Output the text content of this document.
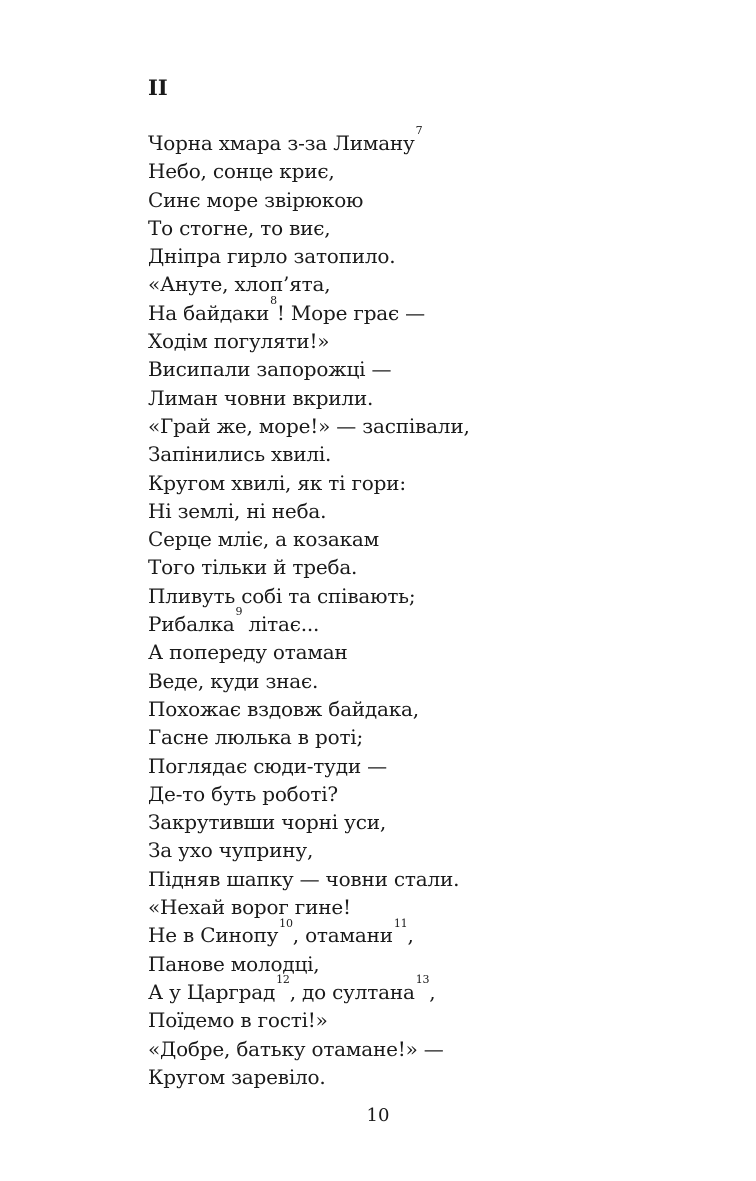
II
Чорна хмара з-за Лиману$^7$
Небо, сонце криє,
Синє море звірюкою
То стогне, то виє,
Дніпра гирло затопило.
«Ануте, хлоп’ята,
На байдаки$^8$! Море грає —
Ходім погуляти!»
Висипали запорожці —
Лиман човни вкрили.
«Грай же, море!» — заспівали,
Запінились хвилі.
Кругом хвилі, як ті гори:
Ні землі, ні неба.
Серце мліє, а козакам
Того тільки й треба.
Пливуть собі та співають;
Рибалка$^9$ літає...
А попереду отаман
Веде, куди знає.
Похожає вздовж байдака,
Гасне люлька в роті;
Поглядає сюди-туди —
Де-то буть роботі?
Закрутивши чорні уси,
За ухо чуприну,
Підняв шапку — човни стали.
«Нехай ворог гине!
Не в Синопу$^{10}$, отамани$^{11}$,
Панове молодці,
А у Царград$^{12}$, до султана$^{13}$,
Поїдемо в гості!»
«Добре, батьку отамане!» —
Кругом заревіло.
10
